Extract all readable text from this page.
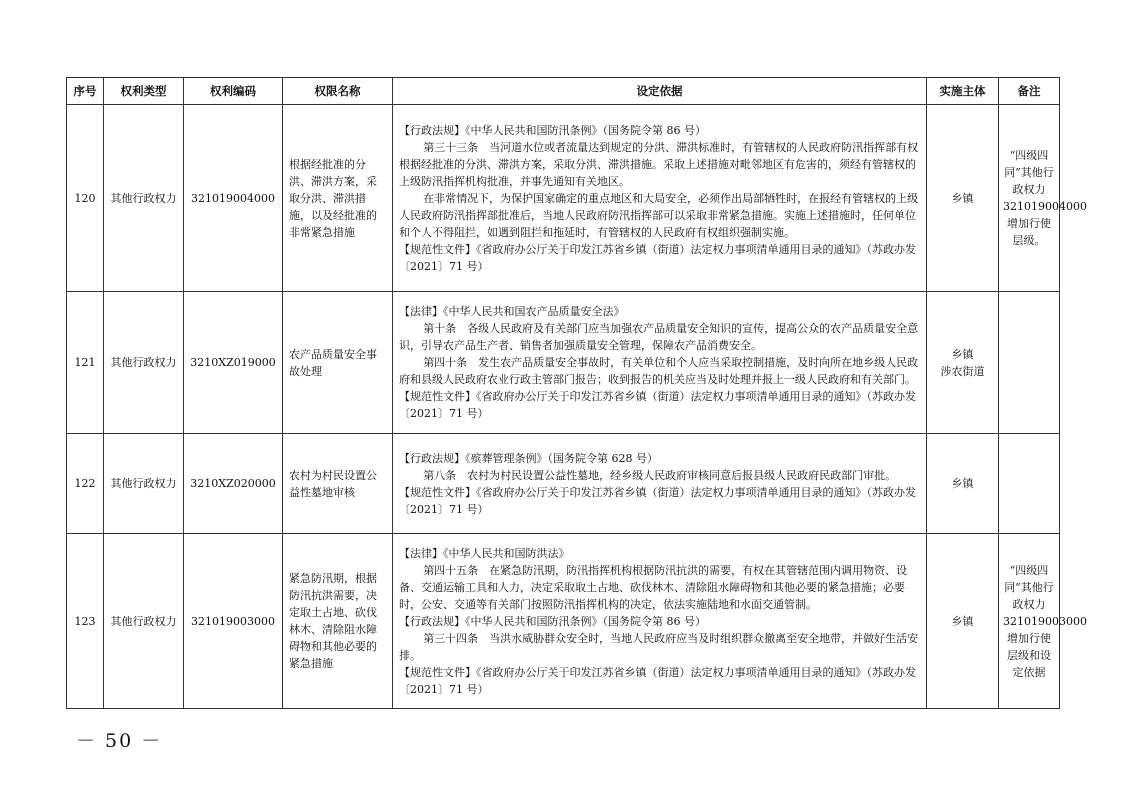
序号	权利类型	权利编码	权限名称	设定依据	实施主体	备注
120	其他行政权力	321019004000	根据经批准的分洪、滞洪方案，采取分洪、滞洪措施，以及经批准的非常紧急措施	【行政法规】《中华人民共和国防汛条例》（国务院令第 86 号）
第三十三条　当河道水位或者流量达到规定的分洪、滞洪标准时，有管辖权的人民政府防汛指挥部有权根据经批准的分洪、滞洪方案，采取分洪、滞洪措施。采取上述措施对毗邻地区有危害的，须经有管辖权的上级防汛指挥机构批准，并事先通知有关地区。
在非常情况下，为保护国家确定的重点地区和大局安全，必须作出局部牺牲时，在报经有管辖权的上级人民政府防汛指挥部批准后，当地人民政府防汛指挥部可以采取非常紧急措施。实施上述措施时，任何单位和个人不得阻拦，如遇到阻拦和拖延时，有管辖权的人民政府有权组织强制实施。
【规范性文件】《省政府办公厅关于印发江苏省乡镇（街道）法定权力事项清单通用目录的通知》（苏政办发〔2021〕71 号）	乡镇	“四级四同”其他行政权力321019004000增加行使层级。
121	其他行政权力	3210XZ019000	农产品质量安全事故处理	【法律】《中华人民共和国农产品质量安全法》
第十条　各级人民政府及有关部门应当加强农产品质量安全知识的宣传，提高公众的农产品质量安全意识，引导农产品生产者、销售者加强质量安全管理，保障农产品消费安全。
第四十条　发生农产品质量安全事故时，有关单位和个人应当采取控制措施，及时向所在地乡级人民政府和县级人民政府农业行政主管部门报告；收到报告的机关应当及时处理并报上一级人民政府和有关部门。
【规范性文件】《省政府办公厅关于印发江苏省乡镇（街道）法定权力事项清单通用目录的通知》（苏政办发〔2021〕71 号）	乡镇
涉农街道	
122	其他行政权力	3210XZ020000	农村为村民设置公益性墓地审核	【行政法规】《殡葬管理条例》（国务院令第 628 号）
第八条　农村为村民设置公益性墓地，经乡级人民政府审核同意后报县级人民政府民政部门审批。
【规范性文件】《省政府办公厅关于印发江苏省乡镇（街道）法定权力事项清单通用目录的通知》（苏政办发〔2021〕71 号）	乡镇	
123	其他行政权力	321019003000	紧急防汛期，根据防汛抗洪需要，决定取土占地、砍伐林木、清除阻水障碍物和其他必要的紧急措施	【法律】《中华人民共和国防洪法》
第四十五条　在紧急防汛期，防汛指挥机构根据防汛抗洪的需要，有权在其管辖范围内调用物资、设备、交通运输工具和人力，决定采取取土占地、砍伐林木、清除阻水障碍物和其他必要的紧急措施；必要时，公安、交通等有关部门按照防汛指挥机构的决定，依法实施陆地和水面交通管制。
【行政法规】《中华人民共和国防汛条例》（国务院令第 86 号）
第三十四条　当洪水威胁群众安全时，当地人民政府应当及时组织群众撤离至安全地带，并做好生活安排。
【规范性文件】《省政府办公厅关于印发江苏省乡镇（街道）法定权力事项清单通用目录的通知》（苏政办发〔2021〕71 号）	乡镇	“四级四同”其他行政权力321019003000增加行使层级和设定依据
－ 50 －
